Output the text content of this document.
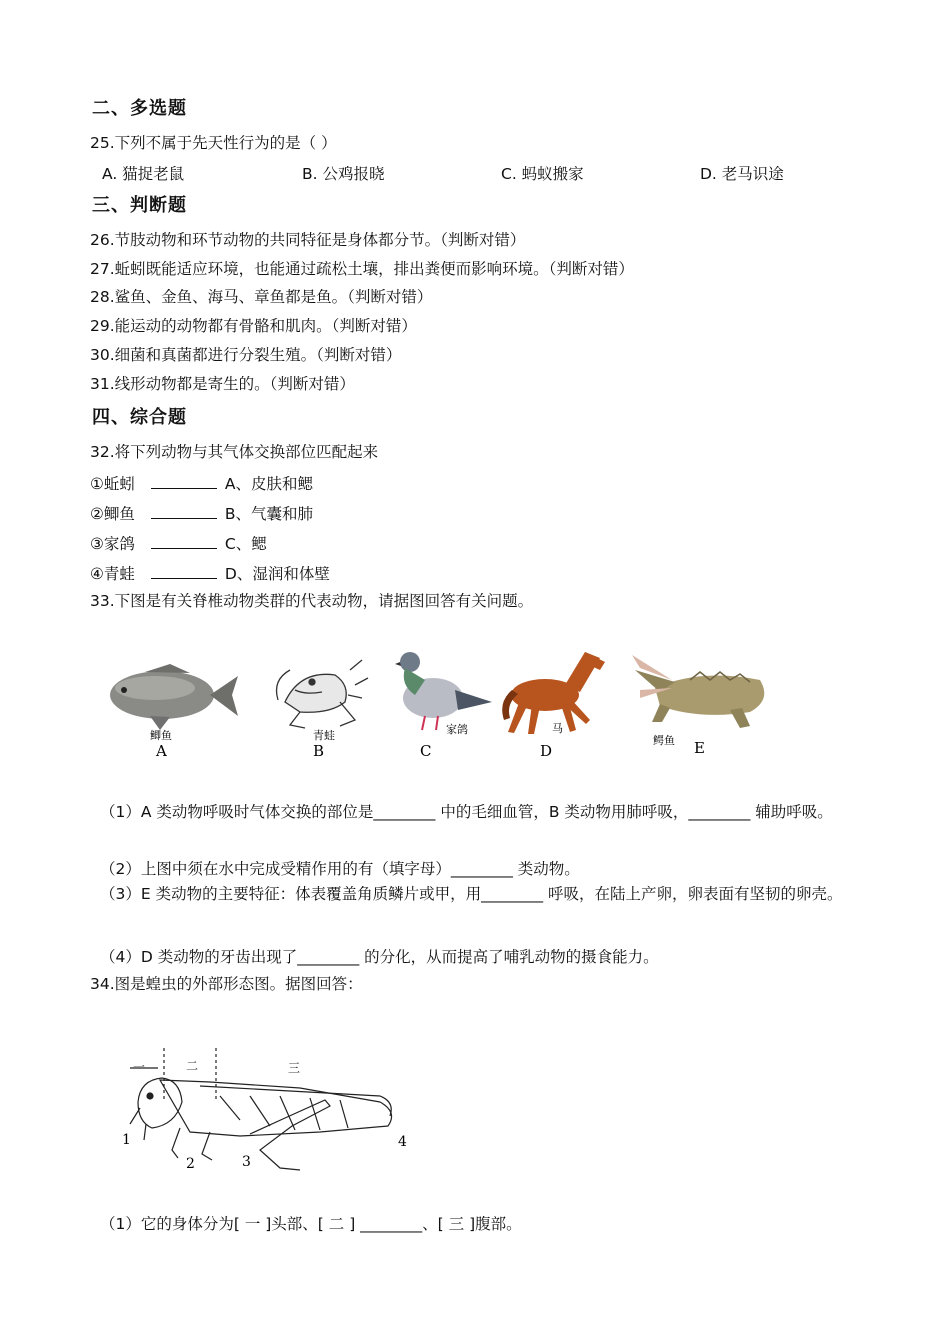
二、多选题
25.下列不属于先天性行为的是（ ）
A. 猫捉老鼠	B. 公鸡报晓	C. 蚂蚁搬家	D. 老马识途
三、判断题
26.节肢动物和环节动物的共同特征是身体都分节。（判断对错）
27.蚯蚓既能适应环境，也能通过疏松土壤，排出粪便而影响环境。（判断对错）
28.鲨鱼、金鱼、海马、章鱼都是鱼。（判断对错）
29.能运动的动物都有骨骼和肌肉。（判断对错）
30.细菌和真菌都进行分裂生殖。（判断对错）
31.线形动物都是寄生的。（判断对错）
四、综合题
32.将下列动物与其气体交换部位匹配起来
①蚯蚓	A、皮肤和鳃
②鲫鱼	B、气囊和肺
③家鸽	C、鳃
④青蛙	D、湿润和体壁
33.下图是有关脊椎动物类群的代表动物，请据图回答有关问题。
鲫鱼
A
青蛙
B
家鸽
C
马
D
鳄鱼 E
（1）A 类动物呼吸时气体交换的部位是________ 中的毛细血管，B 类动物用肺呼吸，________ 辅助呼吸。
（2）上图中须在水中完成受精作用的有（填字母）________ 类动物。
（3）E 类动物的主要特征：体表覆盖角质鳞片或甲，用________ 呼吸，在陆上产卵，卵表面有坚韧的卵壳。
（4）D 类动物的牙齿出现了________ 的分化，从而提高了哺乳动物的摄食能力。
34.图是蝗虫的外部形态图。据图回答：
二	三
1
2	3
4
一
（1）它的身体分为[ 一 ]头部、[ 二 ] ________、[ 三 ]腹部。
